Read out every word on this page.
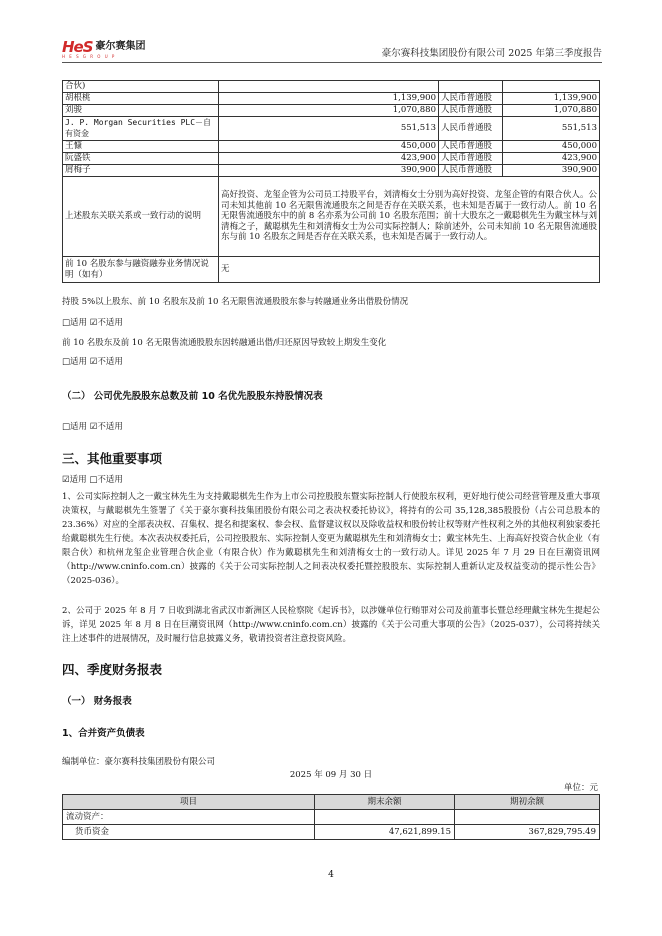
HeS 豪尔赛集团
H E S G R O U P	豪尔赛科技集团股份有限公司 2025 年第三季度报告
合伙)			
胡根桃	1,139,900	人民币普通股	1,139,900
刘骏	1,070,880	人民币普通股	1,070,880
J. P. Morgan Securities PLC－自有资金	551,513	人民币普通股	551,513
王慷	450,000	人民币普通股	450,000
阮盛铁	423,900	人民币普通股	423,900
屑梅子	390,900	人民币普通股	390,900
上述股东关联关系或一致行动的说明	高好投资、龙玺企管为公司员工持股平台，刘清梅女士分别为高好投资、龙玺企管的有限合伙人。公司未知其他前 10 名无限售流通股东之间是否存在关联关系，也未知是否属于一致行动人。前 10 名无限售流通股东中的前 8 名亦系为公司前 10 名股东范围；前十大股东之一戴聪棋先生为戴宝林与刘清梅之子，戴聪棋先生和刘清梅女士为公司实际控制人；除前述外，公司未知前 10 名无限售流通股东与前 10 名股东之间是否存在关联关系，也未知是否属于一致行动人。		
前 10 名股东参与融资融券业务情况说明（如有）	无		

持股 5%以上股东、前 10 名股东及前 10 名无限售流通股股东参与转融通业务出借股份情况

□适用 ☑不适用

前 10 名股东及前 10 名无限售流通股股东因转融通出借/归还原因导致较上期发生变化

□适用 ☑不适用

（二） 公司优先股股东总数及前 10 名优先股股东持股情况表

□适用 ☑不适用

三、其他重要事项

☑适用 □不适用

1、公司实际控制人之一戴宝林先生为支持戴聪棋先生作为上市公司控股股东暨实际控制人行使股东权利，更好地行使公司经营管理及重大事项决策权，与戴聪棋先生签署了《关于豪尔赛科技集团股份有限公司之表决权委托协议》，将持有的公司 35,128,385股股份（占公司总股本的 23.36%）对应的全部表决权、召集权、提名和提案权、参会权、监督建议权以及除收益权和股份转让权等财产性权利之外的其他权利独家委托给戴聪棋先生行使。本次表决权委托后，公司控股股东、实际控制人变更为戴聪棋先生和刘清梅女士；戴宝林先生、上海高好投资合伙企业（有限合伙）和杭州龙玺企业管理合伙企业（有限合伙）作为戴聪棋先生和刘清梅女士的一致行动人。详见 2025 年 7 月 29 日在巨潮资讯网（http://www.cninfo.com.cn）披露的《关于公司实际控制人之间表决权委托暨控股股东、实际控制人重新认定及权益变动的提示性公告》（2025-036）。

2、公司于 2025 年 8 月 7 日收到湖北省武汉市新洲区人民检察院《起诉书》，以涉嫌单位行贿罪对公司及前董事长暨总经理戴宝林先生提起公诉，详见 2025 年 8 月 8 日在巨潮资讯网（http://www.cninfo.com.cn）披露的《关于公司重大事项的公告》（2025-037），公司将持续关注上述事件的进展情况，及时履行信息披露义务，敬请投资者注意投资风险。

四、季度财务报表
（一） 财务报表
1、合并资产负债表

编制单位：豪尔赛科技集团股份有限公司

2025 年 09 月 30 日
单位：元
项目	期末余额	期初余额
流动资产：		
货币资金	47,621,899.15	367,829,795.49
4
